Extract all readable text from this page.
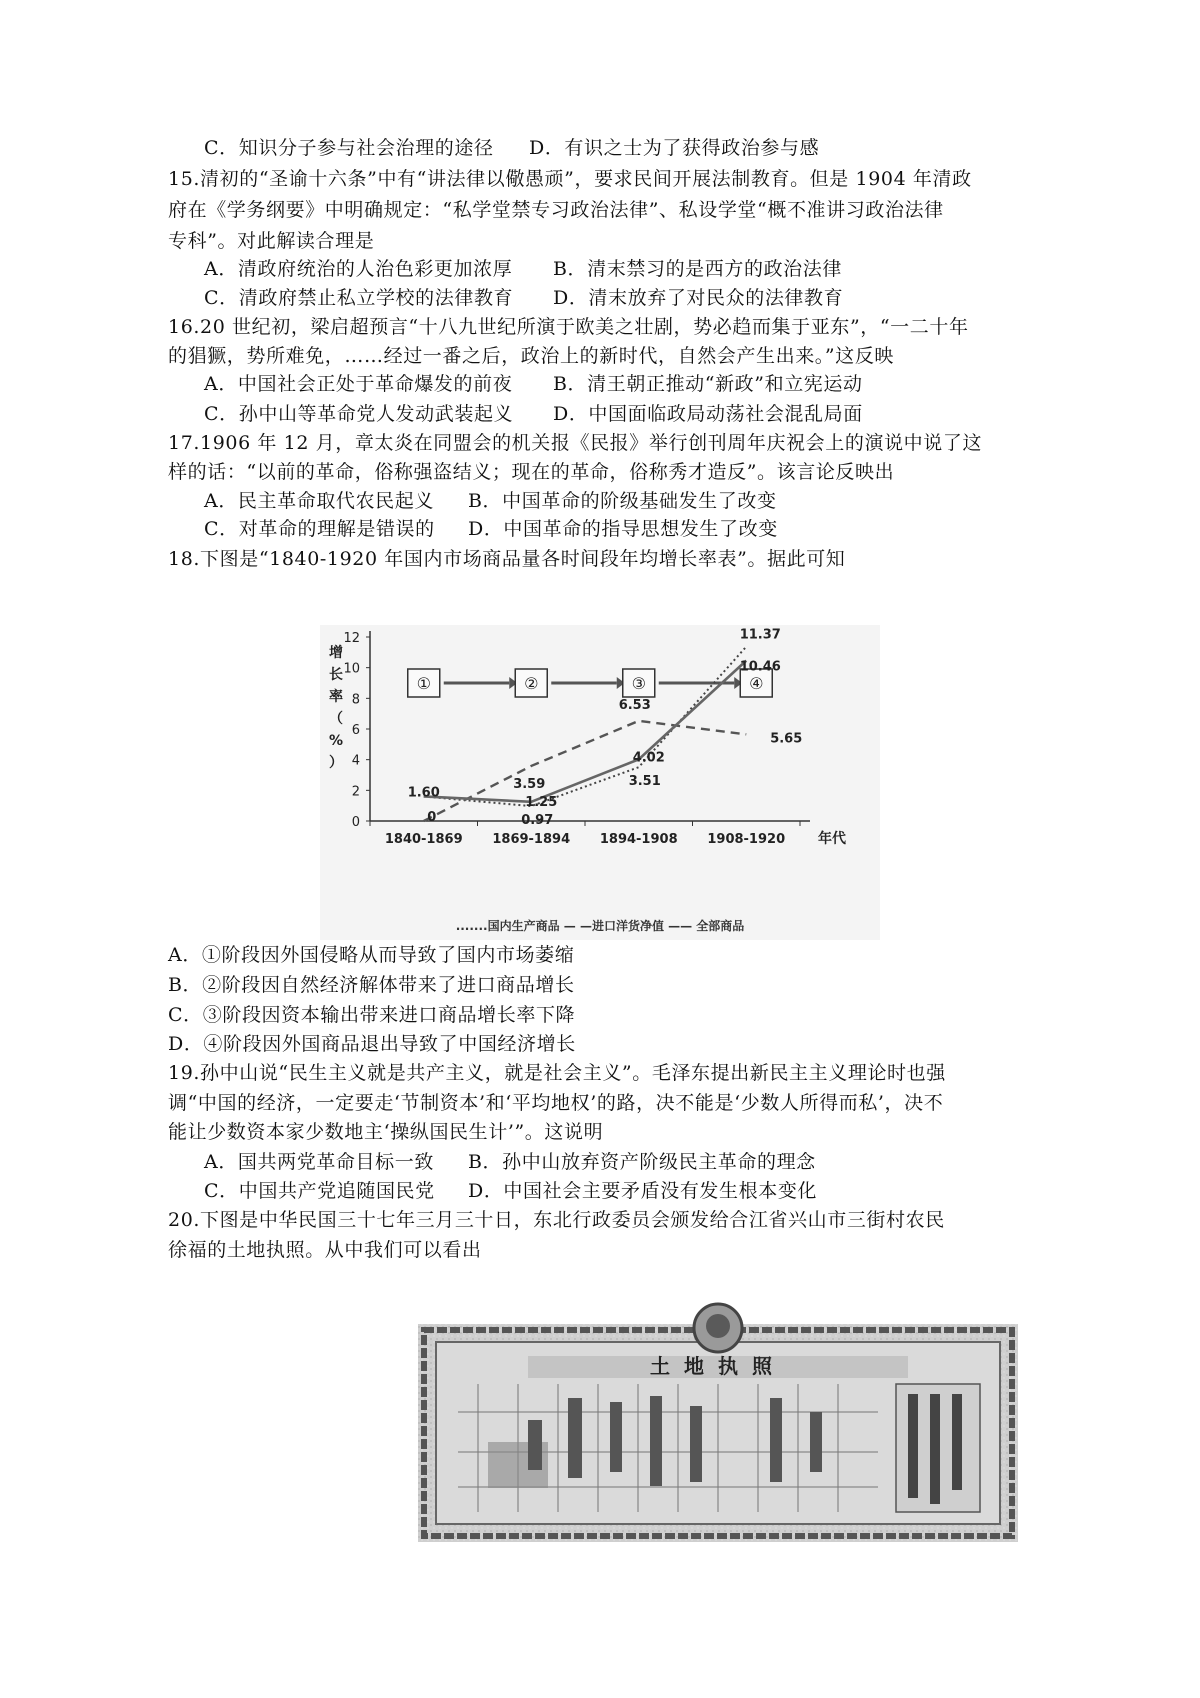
C．知识分子参与社会治理的途径 D．有识之士为了获得政治参与感
15.清初的“圣谕十六条”中有“讲法律以儆愚顽”，要求民间开展法制教育。但是 1904 年清政
府在《学务纲要》中明确规定：“私学堂禁专习政治法律”、私设学堂“概不准讲习政治法律
专科”。对此解读合理是
A．清政府统治的人治色彩更加浓厚 B．清末禁习的是西方的政治法律
C．清政府禁止私立学校的法律教育 D．清末放弃了对民众的法律教育
16.20 世纪初，梁启超预言“十八九世纪所演于欧美之壮剧，势必趋而集于亚东”，“一二十年
的猖獗，势所难免，……经过一番之后，政治上的新时代，自然会产生出来。”这反映
A．中国社会正处于革命爆发的前夜 B．清王朝正推动“新政”和立宪运动
C．孙中山等革命党人发动武装起义 D．中国面临政局动荡社会混乱局面
17.1906 年 12 月，章太炎在同盟会的机关报《民报》举行创刊周年庆祝会上的演说中说了这
样的话：“以前的革命，俗称强盗结义；现在的革命，俗称秀才造反”。该言论反映出
A．民主革命取代农民起义 B．中国革命的阶级基础发生了改变
C．对革命的理解是错误的 D．中国革命的指导思想发生了改变
18.下图是“1840-1920 年国内市场商品量各时间段年均增长率表”。据此可知
0
2
4
6
8
10
12
增
长
率
（
%
）
1840-1869 1869-1894 1894-1908 1908-1920 年代
①	②	③	④
1.60
0.97
3.51
11.37
0
3.59
6.53
5.65
1.25
4.02
10.46
.......国内生产商品 — —进口洋货净值 —— 全部商品
A．①阶段因外国侵略从而导致了国内市场萎缩
B．②阶段因自然经济解体带来了进口商品增长
C．③阶段因资本输出带来进口商品增长率下降
D．④阶段因外国商品退出导致了中国经济增长
19.孙中山说“民生主义就是共产主义，就是社会主义”。毛泽东提出新民主主义理论时也强
调“中国的经济，一定要走‘节制资本’和‘平均地权’的路，决不能是‘少数人所得而私’，决不
能让少数资本家少数地主‘操纵国民生计’”。这说明
A．国共两党革命目标一致 B．孙中山放弃资产阶级民主革命的理念
C．中国共产党追随国民党 D．中国社会主要矛盾没有发生根本变化
20.下图是中华民国三十七年三月三十日，东北行政委员会颁发给合江省兴山市三街村农民
徐福的土地执照。从中我们可以看出
土地执照
